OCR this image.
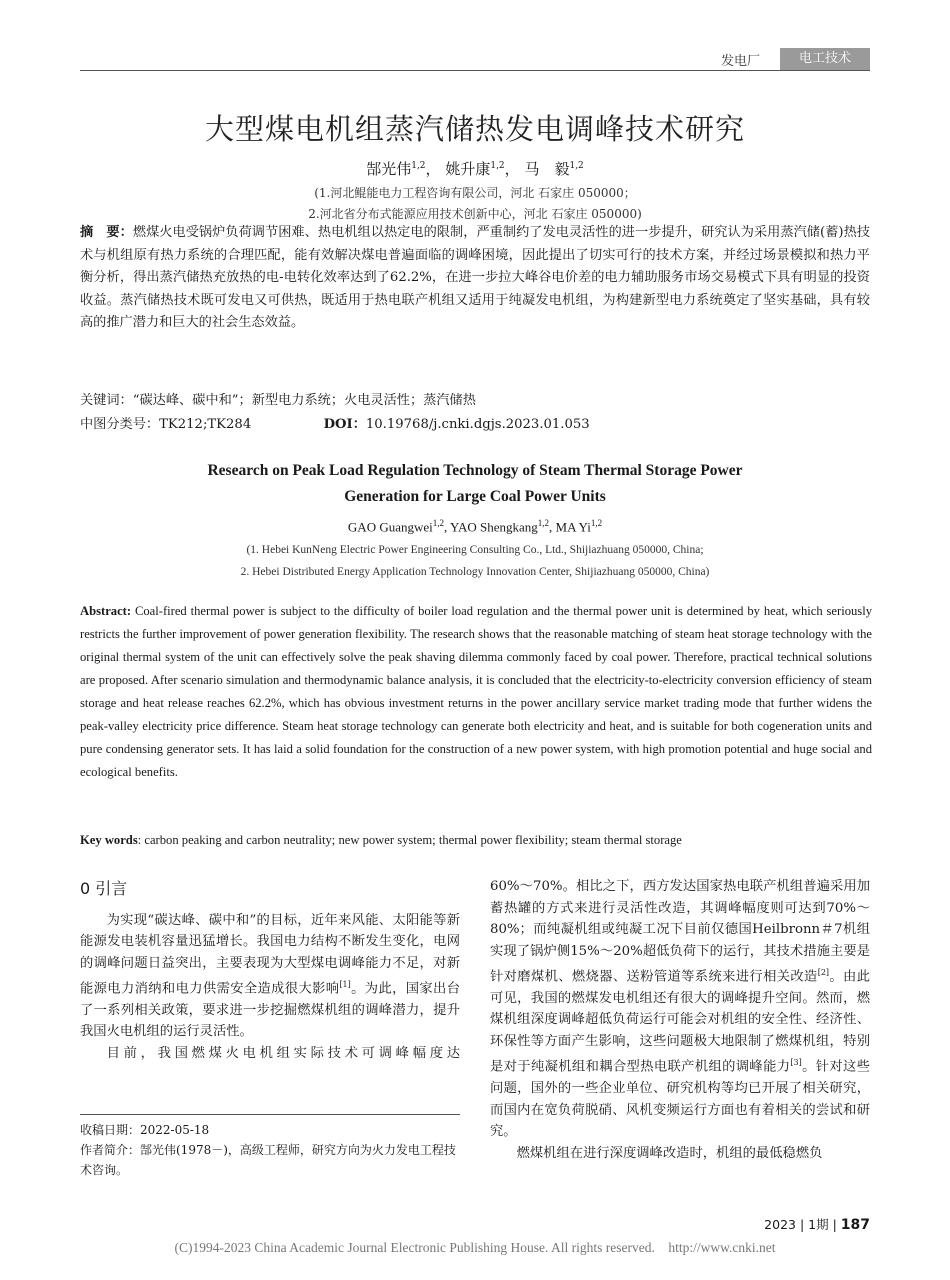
发电厂	电工技术
大型煤电机组蒸汽储热发电调峰技术研究
郜光伟$^{1,2}$， 姚升康$^{1,2}$， 马　毅$^{1,2}$
(1.河北鲲能电力工程咨询有限公司，河北 石家庄 050000；
2.河北省分布式能源应用技术创新中心，河北 石家庄 050000)
摘　要：燃煤火电受锅炉负荷调节困难、热电机组以热定电的限制，严重制约了发电灵活性的进一步提升，研究认为采用蒸汽储(蓄)热技术与机组原有热力系统的合理匹配，能有效解决煤电普遍面临的调峰困境，因此提出了切实可行的技术方案，并经过场景模拟和热力平衡分析，得出蒸汽储热充放热的电-电转化效率达到了62.2%，在进一步拉大峰谷电价差的电力辅助服务市场交易模式下具有明显的投资收益。蒸汽储热技术既可发电又可供热，既适用于热电联产机组又适用于纯凝发电机组，为构建新型电力系统奠定了坚实基础，具有较高的推广潜力和巨大的社会生态效益。
关键词：“碳达峰、碳中和”；新型电力系统；火电灵活性；蒸汽储热
中图分类号：TK212;TK284	DOI：10.19768/j.cnki.dgjs.2023.01.053
Research on Peak Load Regulation Technology of Steam Thermal Storage Power
Generation for Large Coal Power Units
GAO Guangwei$^{1,2}$, YAO Shengkang$^{1,2}$, MA Yi$^{1,2}$
(1. Hebei KunNeng Electric Power Engineering Consulting Co., Ltd., Shijiazhuang 050000, China;
2. Hebei Distributed Energy Application Technology Innovation Center, Shijiazhuang 050000, China)
Abstract: Coal-fired thermal power is subject to the difficulty of boiler load regulation and the thermal power unit is determined by heat, which seriously restricts the further improvement of power generation flexibility. The research shows that the reasonable matching of steam heat storage technology with the original thermal system of the unit can effectively solve the peak shaving dilemma commonly faced by coal power. Therefore, practical technical solutions are proposed. After scenario simulation and thermodynamic balance analysis, it is concluded that the electricity-to-electricity conversion efficiency of steam storage and heat release reaches 62.2%, which has obvious investment returns in the power ancillary service market trading mode that further widens the peak-valley electricity price difference. Steam heat storage technology can generate both electricity and heat, and is suitable for both cogeneration units and pure condensing generator sets. It has laid a solid foundation for the construction of a new power system, with high promotion potential and huge social and ecological benefits.
Key words: carbon peaking and carbon neutrality; new power system; thermal power flexibility; steam thermal storage
0 引言

为实现“碳达峰、碳中和”的目标，近年来风能、太阳能等新能源发电装机容量迅猛增长。我国电力结构不断发生变化，电网的调峰问题日益突出，主要表现为大型煤电调峰能力不足，对新能源电力消纳和电力供需安全造成很大影响[1]。为此，国家出台了一系列相关政策，要求进一步挖掘燃煤机组的调峰潜力，提升我国火电机组的运行灵活性。

目前，我国燃煤火电机组实际技术可调峰幅度达

收稿日期：2022-05-18
作者简介：郜光伟(1978－)，高级工程师，研究方向为火力发电工程技术咨询。

60%～70%。相比之下，西方发达国家热电联产机组普遍采用加蓄热罐的方式来进行灵活性改造，其调峰幅度则可达到70%～80%；而纯凝机组或纯凝工况下目前仅德国Heilbronn＃7机组实现了锅炉侧15%～20%超低负荷下的运行，其技术措施主要是针对磨煤机、燃烧器、送粉管道等系统来进行相关改造[2]。由此可见，我国的燃煤发电机组还有很大的调峰提升空间。然而，燃煤机组深度调峰超低负荷运行可能会对机组的安全性、经济性、环保性等方面产生影响，这些问题极大地限制了燃煤机组，特别是对于纯凝机组和耦合型热电联产机组的调峰能力[3]。针对这些问题，国外的一些企业单位、研究机构等均已开展了相关研究，而国内在宽负荷脱硝、风机变频运行方面也有着相关的尝试和研究。

燃煤机组在进行深度调峰改造时，机组的最低稳燃负

2023 | 1期 | 187
(C)1994-2023 China Academic Journal Electronic Publishing House. All rights reserved.　http://www.cnki.net
